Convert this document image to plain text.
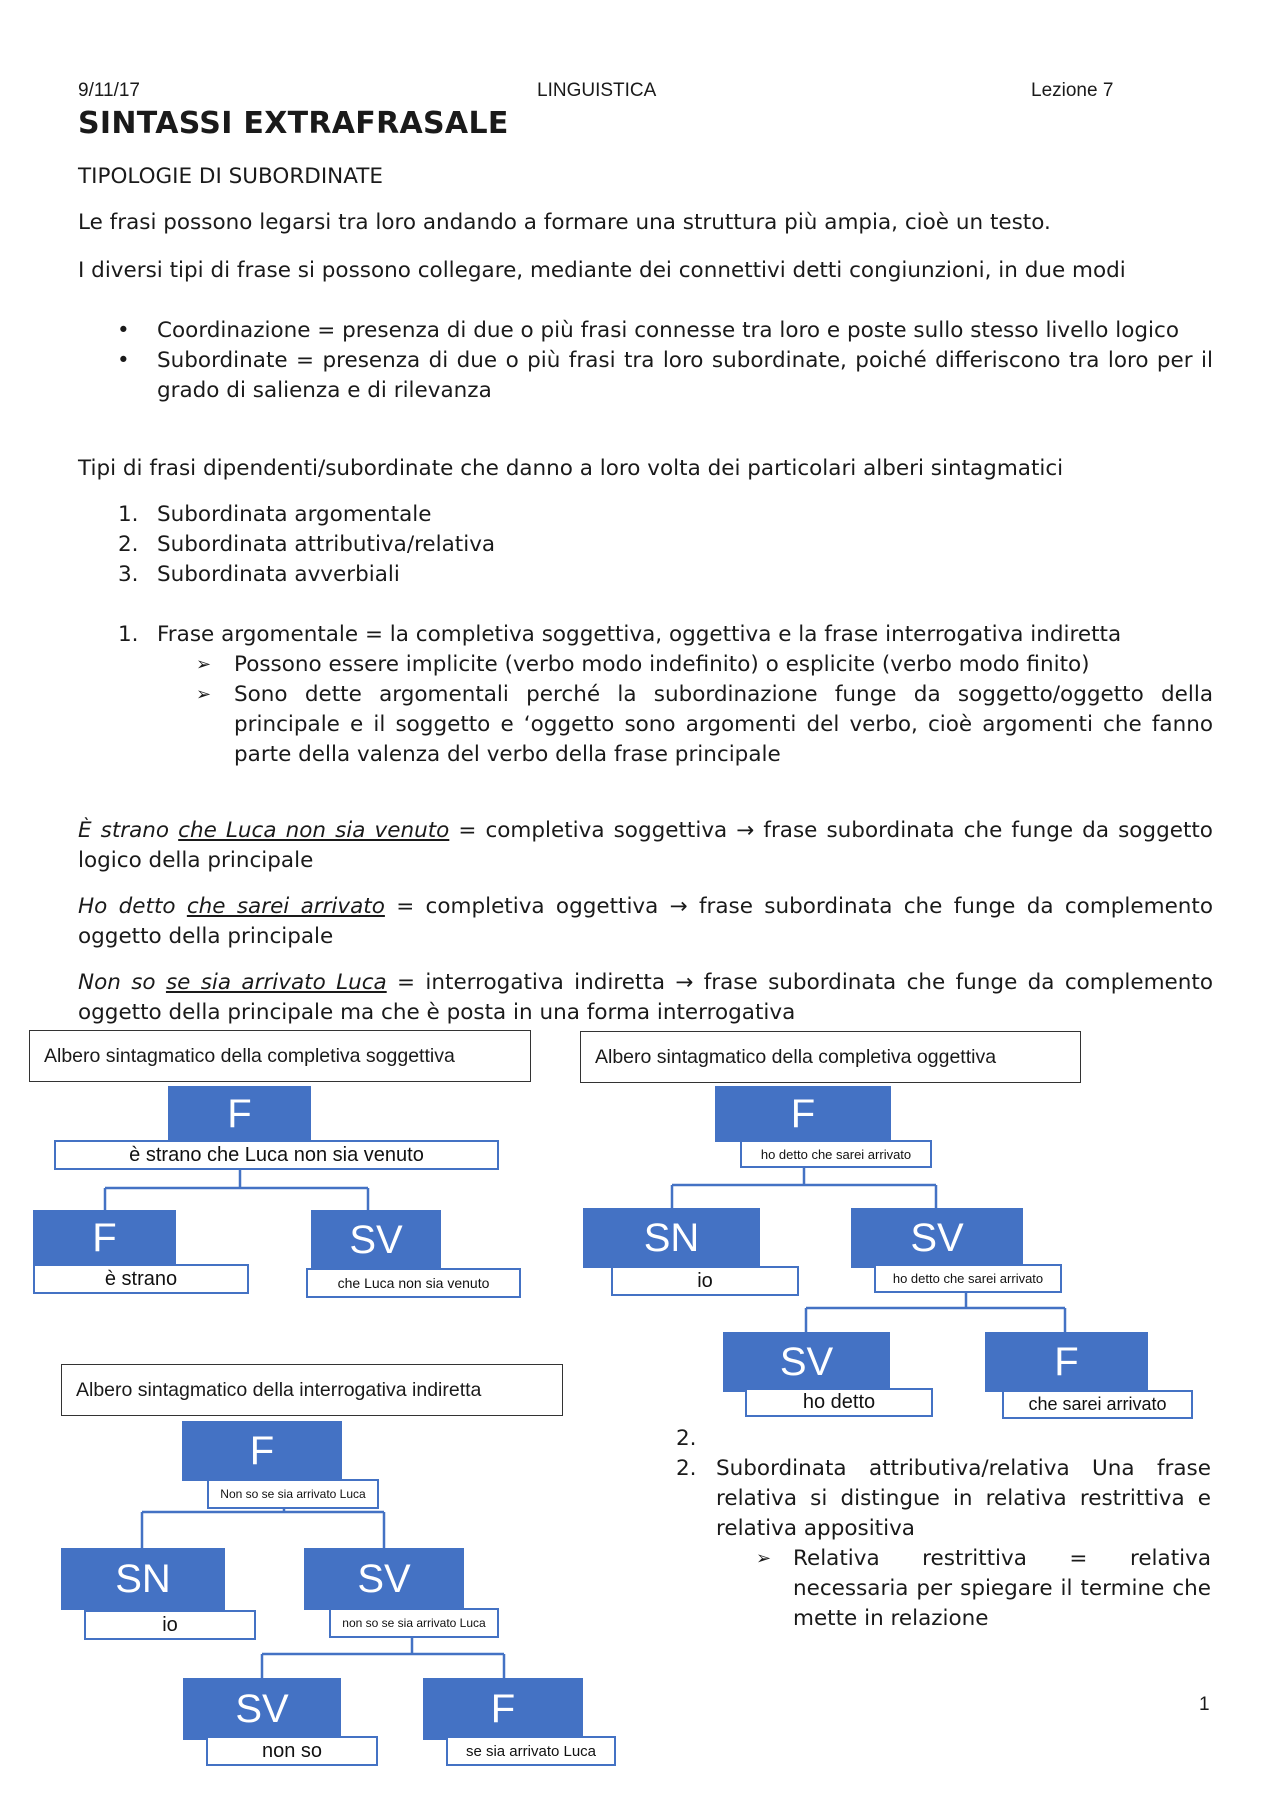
9/11/17	LINGUISTICA	Lezione 7
SINTASSI EXTRAFRASALE
TIPOLOGIE DI SUBORDINATE
Le frasi possono legarsi tra loro andando a formare una struttura più ampia, cioè un testo.
I diversi tipi di frase si possono collegare, mediante dei connettivi detti congiunzioni, in due modi
• Coordinazione = presenza di due o più frasi connesse tra loro e poste sullo stesso livello logico
• Subordinate = presenza di due o più frasi tra loro subordinate, poiché differiscono tra loro per il grado di salienza e di rilevanza
Tipi di frasi dipendenti/subordinate che danno a loro volta dei particolari alberi sintagmatici
1. Subordinata argomentale
2. Subordinata attributiva/relativa
3. Subordinata avverbiali
1. Frase argomentale = la completiva soggettiva, oggettiva e la frase interrogativa indiretta
➢ Possono essere implicite (verbo modo indefinito) o esplicite (verbo modo finito)
➢ Sono dette argomentali perché la subordinazione funge da soggetto/oggetto della principale e il soggetto e ‘oggetto sono argomenti del verbo, cioè argomenti che fanno parte della valenza del verbo della frase principale
È strano che Luca non sia venuto = completiva soggettiva → frase subordinata che funge da soggetto logico della principale
Ho detto che sarei arrivato = completiva oggettiva → frase subordinata che funge da complemento oggetto della principale
Non so se sia arrivato Luca = interrogativa indiretta → frase subordinata che funge da complemento oggetto della principale ma che è posta in una forma interrogativa
Albero sintagmatico della completiva soggettiva
F
è strano che Luca non sia venuto
F
è strano
SV
che Luca non sia venuto
Albero sintagmatico della completiva oggettiva
F
ho detto che sarei arrivato
SN
io
SV
ho detto che sarei arrivato
SV
ho detto
F
che sarei arrivato
Albero sintagmatico della interrogativa indiretta
F
Non so se sia arrivato Luca
SN
io
SV
non so se sia arrivato Luca
SV
non so
F
se sia arrivato Luca
2.

2. Subordinata attributiva/relativa Una frase relativa si distingue in relativa restrittiva e relativa appositiva
➢ Relativa restrittiva = relativa necessaria per spiegare il termine che mette in relazione
1
